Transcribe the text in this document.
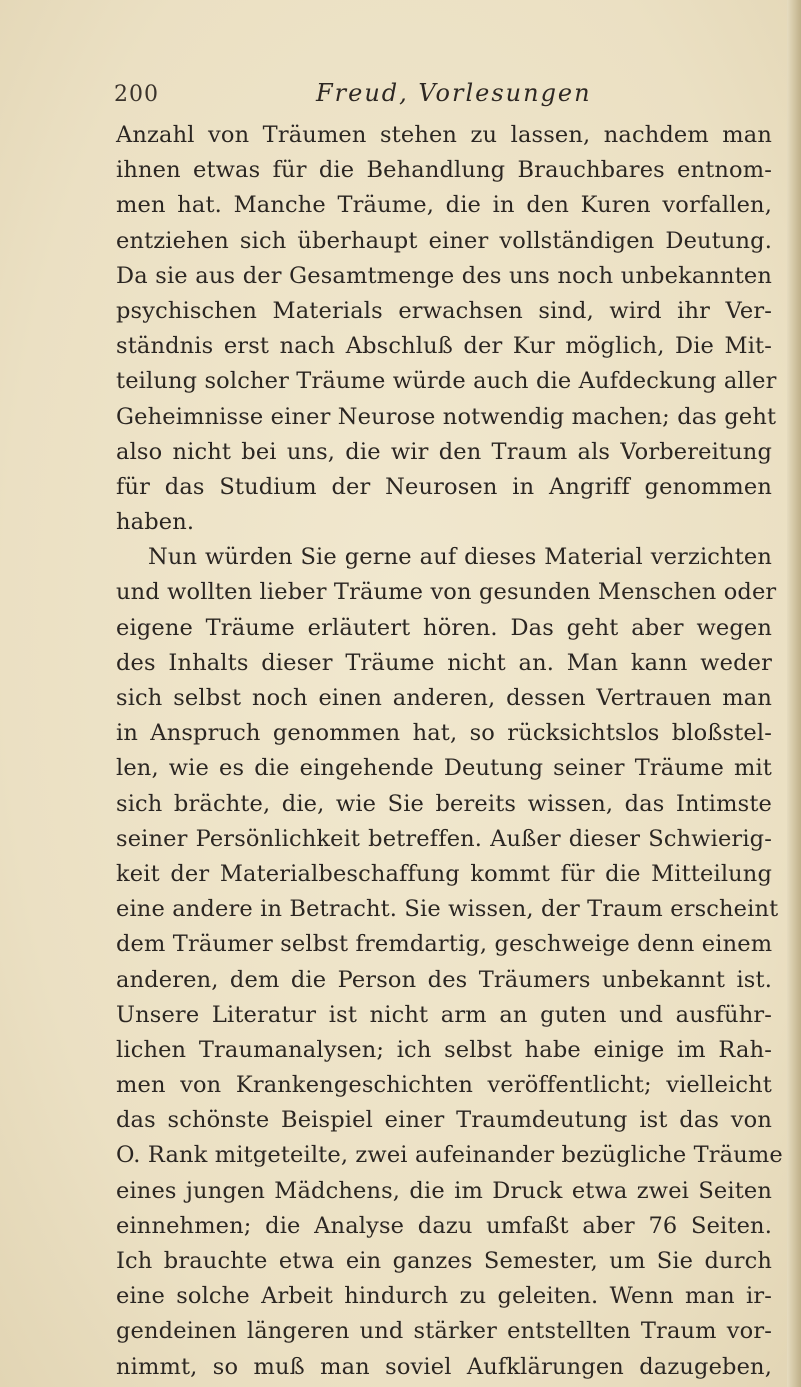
200	Freud, Vorlesungen
Anzahl von Träumen stehen zu lassen, nachdem man
ihnen etwas für die Behandlung Brauchbares entnom-
men hat. Manche Träume, die in den Kuren vorfallen,
entziehen sich überhaupt einer vollständigen Deutung.
Da sie aus der Gesamtmenge des uns noch unbekannten
psychischen Materials erwachsen sind, wird ihr Ver-
ständnis erst nach Abschluß der Kur möglich, Die Mit-
teilung solcher Träume würde auch die Aufdeckung aller
Geheimnisse einer Neurose notwendig machen; das geht
also nicht bei uns, die wir den Traum als Vorbereitung
für das Studium der Neurosen in Angriff genommen
haben.
Nun würden Sie gerne auf dieses Material verzichten
und wollten lieber Träume von gesunden Menschen oder
eigene Träume erläutert hören. Das geht aber wegen
des Inhalts dieser Träume nicht an. Man kann weder
sich selbst noch einen anderen, dessen Vertrauen man
in Anspruch genommen hat, so rücksichtslos bloßstel-
len, wie es die eingehende Deutung seiner Träume mit
sich brächte, die, wie Sie bereits wissen, das Intimste
seiner Persönlichkeit betreffen. Außer dieser Schwierig-
keit der Materialbeschaffung kommt für die Mitteilung
eine andere in Betracht. Sie wissen, der Traum erscheint
dem Träumer selbst fremdartig, geschweige denn einem
anderen, dem die Person des Träumers unbekannt ist.
Unsere Literatur ist nicht arm an guten und ausführ-
lichen Traumanalysen; ich selbst habe einige im Rah-
men von Krankengeschichten veröffentlicht; vielleicht
das schönste Beispiel einer Traumdeutung ist das von
O. Rank mitgeteilte, zwei aufeinander bezügliche Träume
eines jungen Mädchens, die im Druck etwa zwei Seiten
einnehmen; die Analyse dazu umfaßt aber 76 Seiten.
Ich brauchte etwa ein ganzes Semester, um Sie durch
eine solche Arbeit hindurch zu geleiten. Wenn man ir-
gendeinen längeren und stärker entstellten Traum vor-
nimmt, so muß man soviel Aufklärungen dazugeben,
